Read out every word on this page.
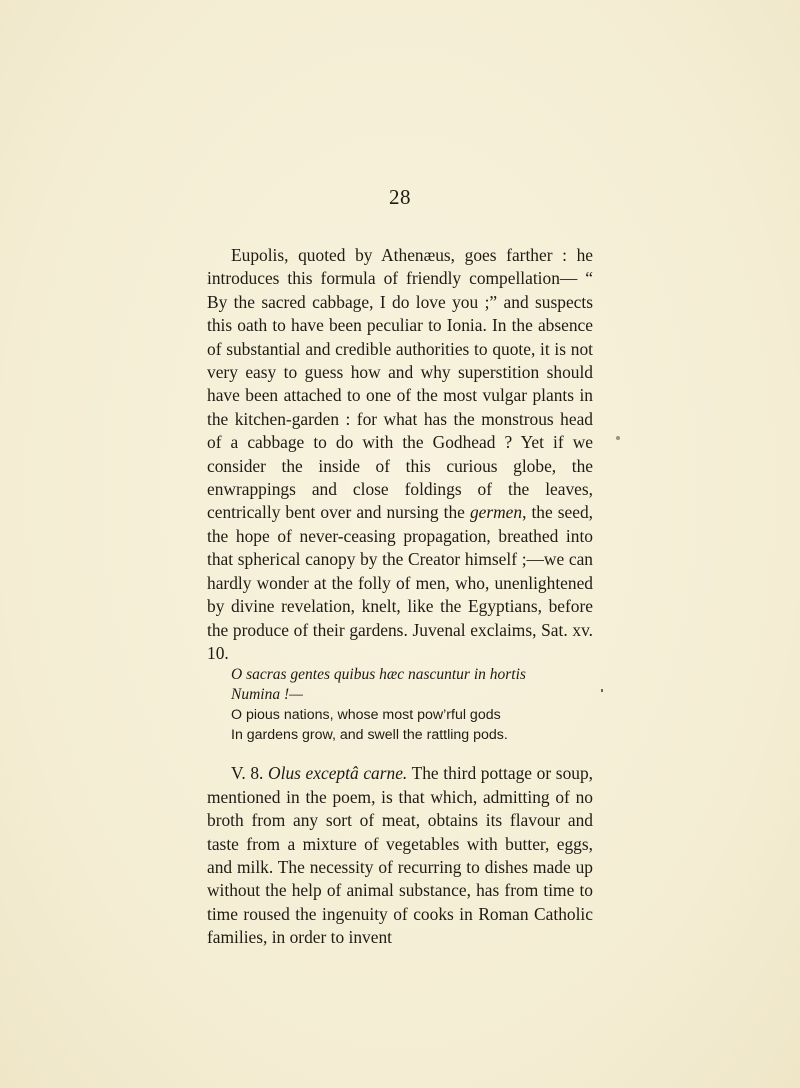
28

Eupolis, quoted by Athenæus, goes farther : he introduces this formula of friendly compellation— “ By the sacred cabbage, I do love you ;” and suspects this oath to have been peculiar to Ionia. In the absence of substantial and credible authorities to quote, it is not very easy to guess how and why superstition should have been attached to one of the most vulgar plants in the kitchen-garden : for what has the monstrous head of a cabbage to do with the Godhead ? Yet if we consider the inside of this curious globe, the enwrappings and close foldings of the leaves, centrically bent over and nursing the germen, the seed, the hope of never-ceasing propagation, breathed into that spherical canopy by the Creator himself ;—we can hardly wonder at the folly of men, who, unenlightened by divine revelation, knelt, like the Egyptians, before the produce of their gardens. Juvenal exclaims, Sat. xv. 10.

O sacras gentes quibus hæc nascuntur in hortis
Numina !—

O pious nations, whose most pow’rful gods
In gardens grow, and swell the rattling pods.

V. 8. Olus exceptâ carne. The third pottage or soup, mentioned in the poem, is that which, admitting of no broth from any sort of meat, obtains its flavour and taste from a mixture of vegetables with butter, eggs, and milk. The necessity of recurring to dishes made up without the help of animal substance, has from time to time roused the ingenuity of cooks in Roman Catholic families, in order to invent
